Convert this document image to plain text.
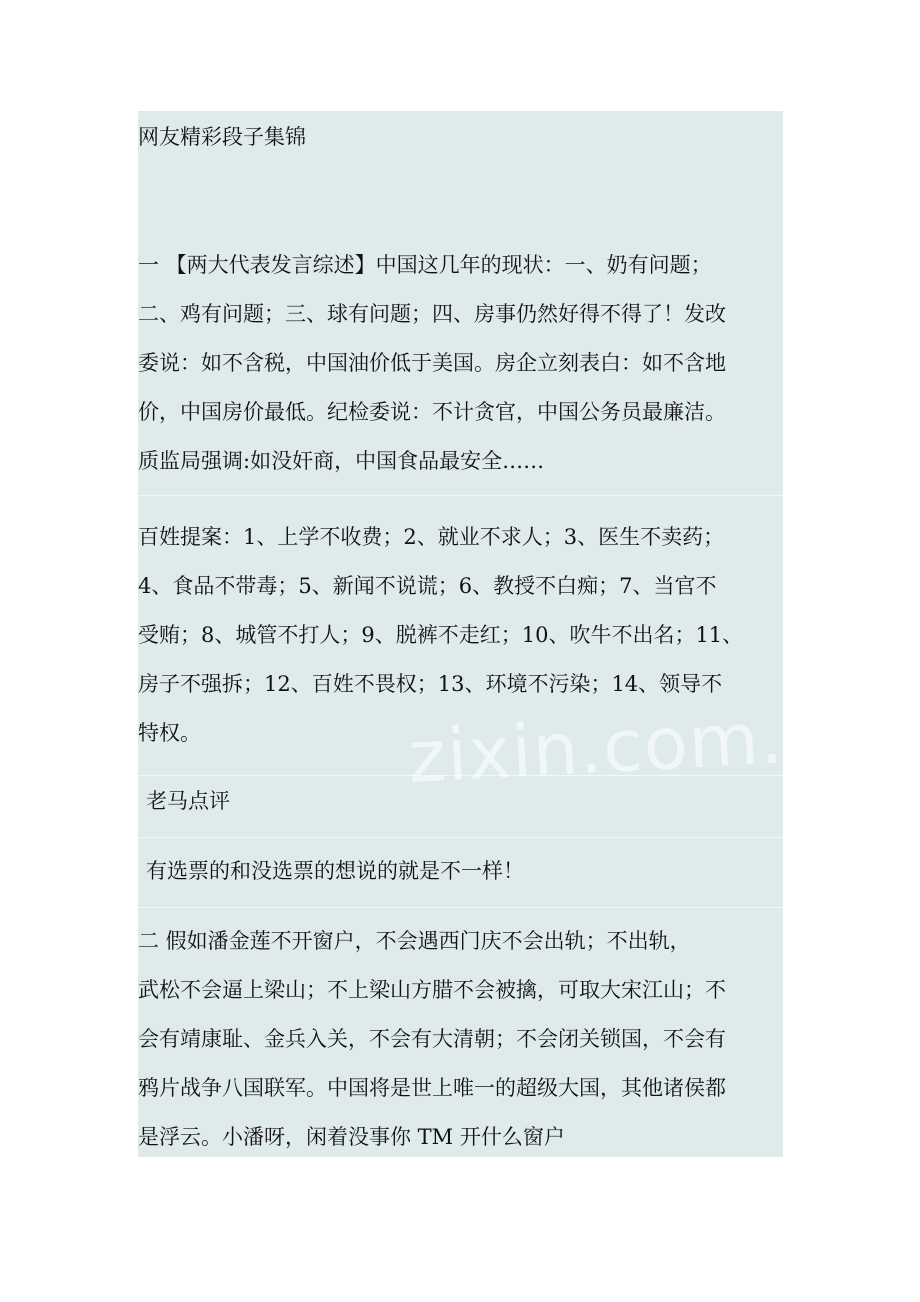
网友精彩段子集锦
一 【两大代表发言综述】中国这几年的现状：一、奶有问题；
二、鸡有问题；三、球有问题；四、房事仍然好得不得了！发改
委说：如不含税，中国油价低于美国。房企立刻表白：如不含地
价，中国房价最低。纪检委说：不计贪官，中国公务员最廉洁。
质监局强调:如没奸商，中国食品最安全……
百姓提案：1、上学不收费；2、就业不求人；3、医生不卖药；
4、食品不带毒；5、新闻不说谎；6、教授不白痴；7、当官不
受贿；8、城管不打人；9、脱裤不走红；10、吹牛不出名；11、
房子不强拆；12、百姓不畏权；13、环境不污染；14、领导不
特权。
老马点评
有选票的和没选票的想说的就是不一样！
二 假如潘金莲不开窗户，不会遇西门庆不会出轨；不出轨，
武松不会逼上梁山；不上梁山方腊不会被擒，可取大宋江山；不
会有靖康耻、金兵入关，不会有大清朝；不会闭关锁国，不会有
鸦片战争八国联军。中国将是世上唯一的超级大国，其他诸侯都
是浮云。小潘呀，闲着没事你 TM 开什么窗户
zixin.com.cn
